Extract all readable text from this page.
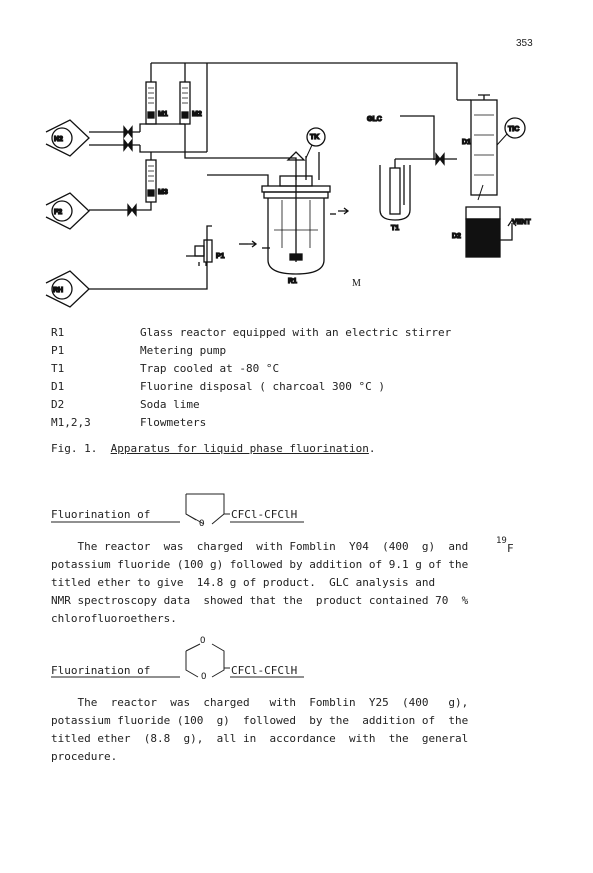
353
N2
F2
RH
M1	M2
M3
TK
TIC
GLC
D1
D2
T1
VENT
P1
R1	M
R1	Glass reactor equipped with an electric stirrer
P1	Metering pump
T1	Trap cooled at -80 °C
D1	Fluorine disposal ( charcoal 300 °C )
D2	Soda lime
M1,2,3	Flowmeters
Fig. 1. Apparatus for liquid phase fluorination.
Fluorination of
O
CFCl-CFClH
The reactor  was  charged  with Fomblin  Y04  (400  g)  and
potassium fluoride (100 g) followed by addition of 9.1 g of the
titled ether to give  14.8 g of product.  GLC analysis and
19
F
NMR spectroscopy data  showed that the  product contained 70  %
chlorofluoroethers.
Fluorination of
O
O CFCl-CFClH
The  reactor  was  charged   with  Fomblin  Y25  (400   g),
potassium fluoride (100  g)  followed  by the  addition of  the
titled ether  (8.8  g),  all in  accordance  with  the  general
procedure.
